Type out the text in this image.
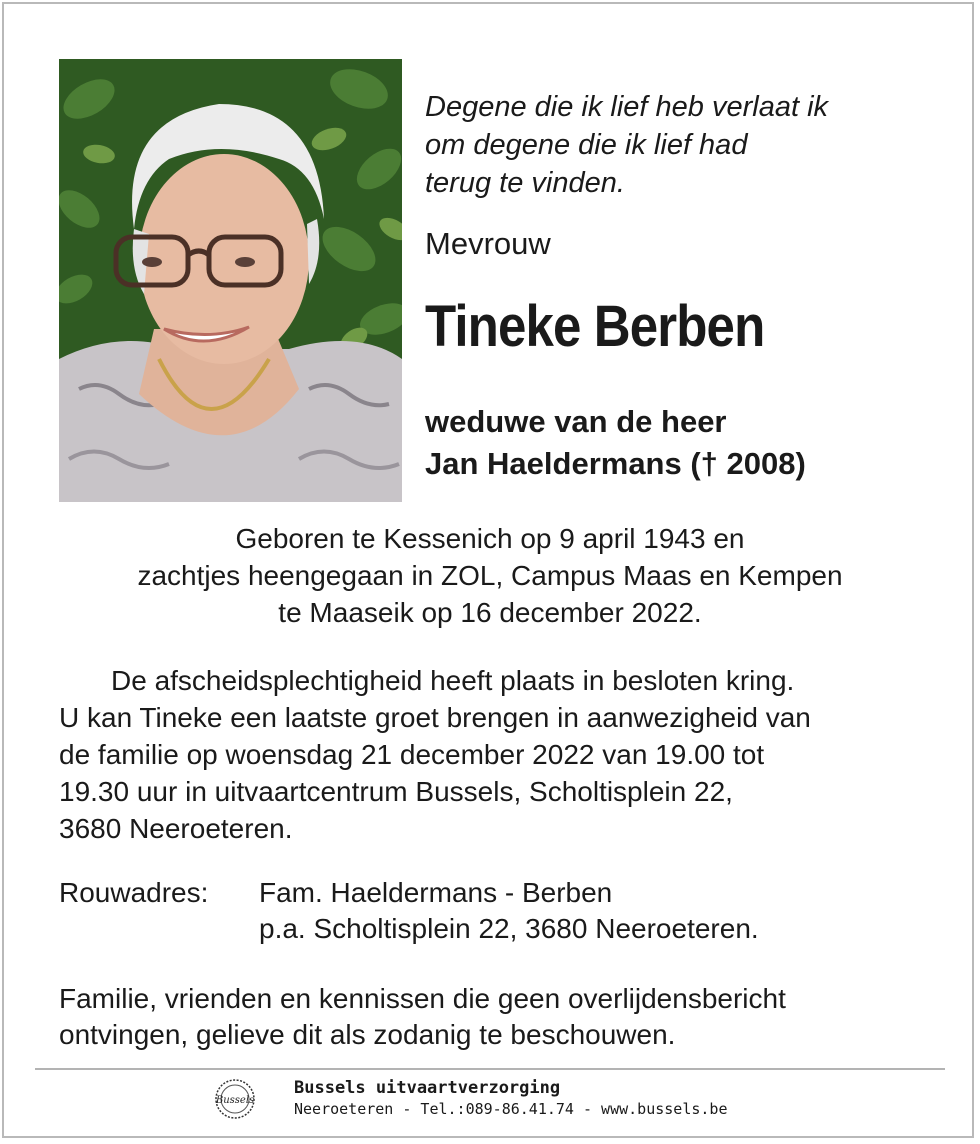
Degene die ik lief heb verlaat ik
om degene die ik lief had
terug te vinden.
Mevrouw
Tineke Berben
weduwe van de heer
Jan Haeldermans († 2008)
Geboren te Kessenich op 9 april 1943 en
zachtjes heengegaan in ZOL, Campus Maas en Kempen
te Maaseik op 16 december 2022.
De afscheidsplechtigheid heeft plaats in besloten kring.
U kan Tineke een laatste groet brengen in aanwezigheid van
de familie op woensdag 21 december 2022 van 19.00 tot
19.30 uur in uitvaartcentrum Bussels, Scholtisplein 22,
3680 Neeroeteren.
Rouwadres:	Fam. Haeldermans - Berben
p.a. Scholtisplein 22, 3680 Neeroeteren.
Familie, vrienden en kennissen die geen overlijdensbericht
ontvingen, gelieve dit als zodanig te beschouwen.
Bussels
Bussels uitvaartverzorging
Neeroeteren - Tel.:089-86.41.74 - www.bussels.be
